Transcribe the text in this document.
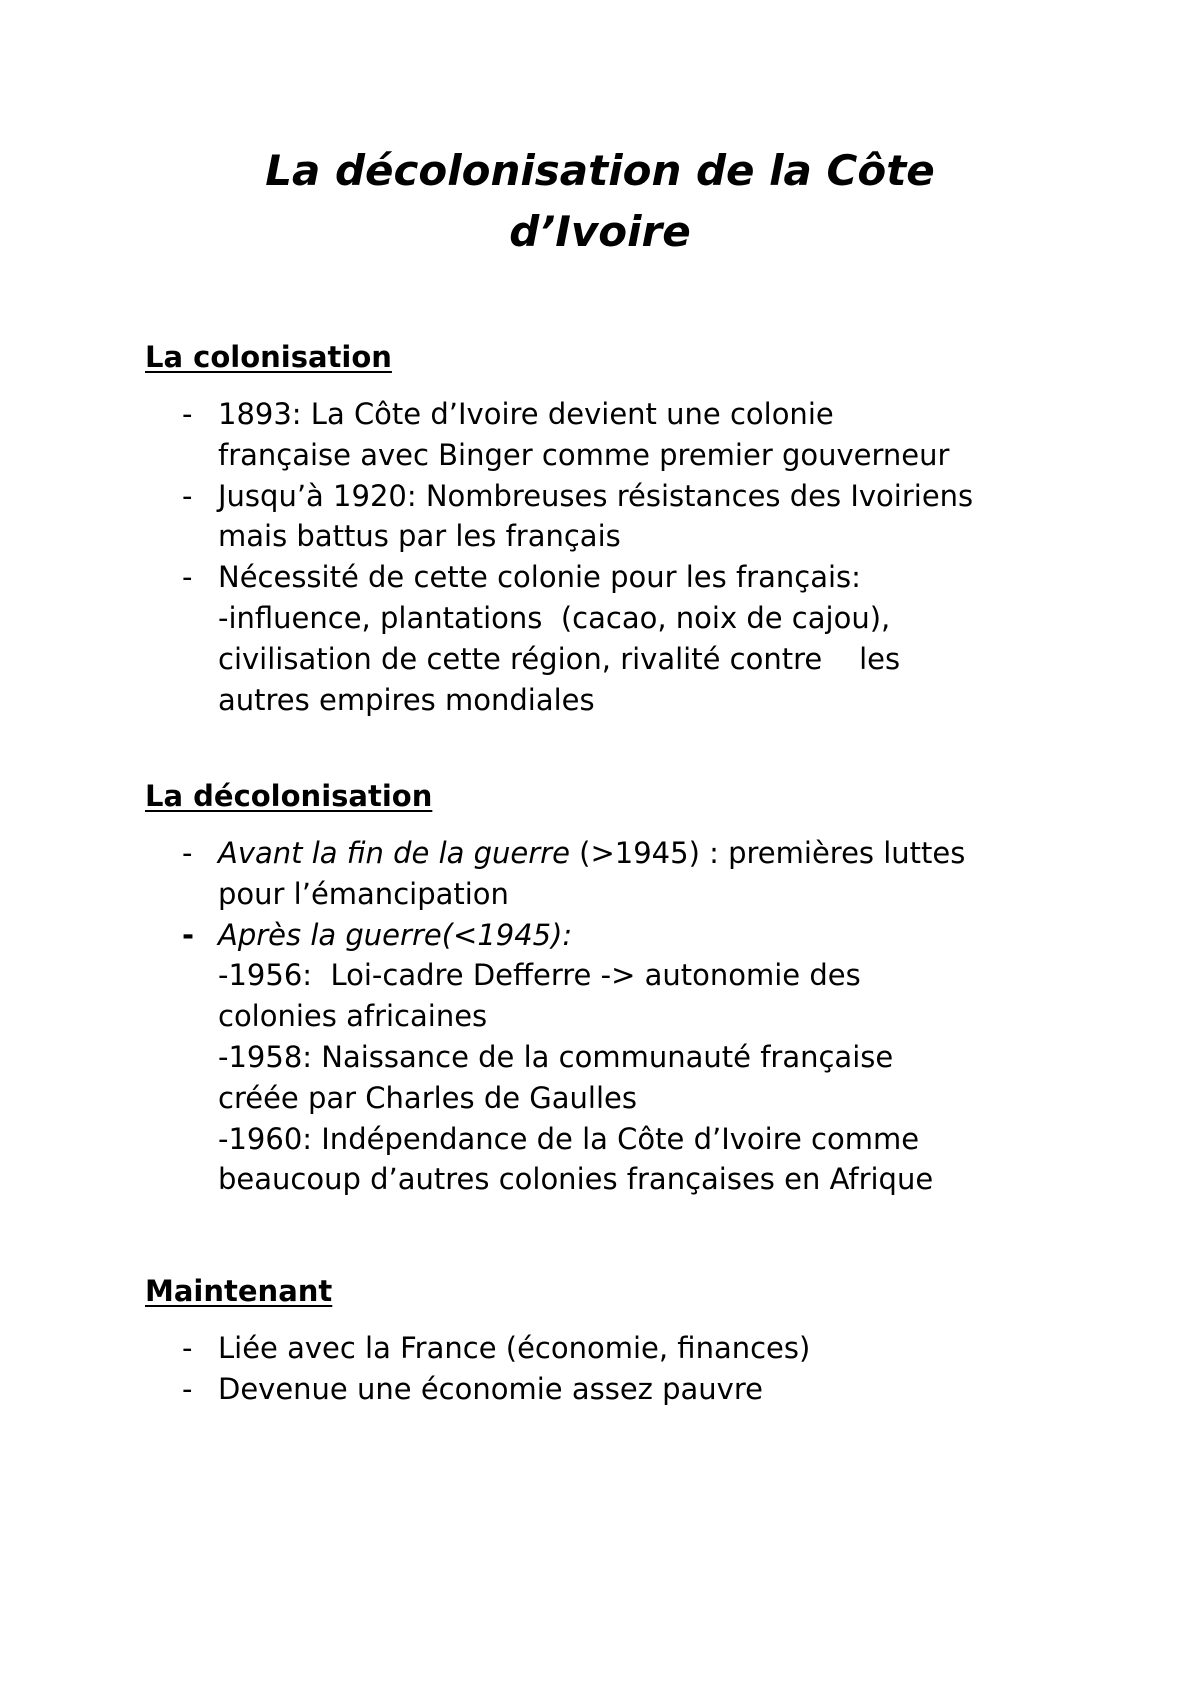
La décolonisation de la Côte
d’Ivoire
La colonisation
- 1893: La Côte d’Ivoire devient une colonie
française avec Binger comme premier gouverneur
- Jusqu’à 1920: Nombreuses résistances des Ivoiriens
mais battus par les français
- Nécessité de cette colonie pour les français:
-influence, plantations  (cacao, noix de cajou),
civilisation de cette région, rivalité contre    les
autres empires mondiales
La décolonisation
- Avant la fin de la guerre (>1945) : premières luttes
pour l’émancipation
- Après la guerre(<1945):
-1956:  Loi-cadre Defferre -> autonomie des
colonies africaines
-1958: Naissance de la communauté française
créée par Charles de Gaulles
-1960: Indépendance de la Côte d’Ivoire comme
beaucoup d’autres colonies françaises en Afrique
Maintenant
- Liée avec la France (économie, finances)
- Devenue une économie assez pauvre
